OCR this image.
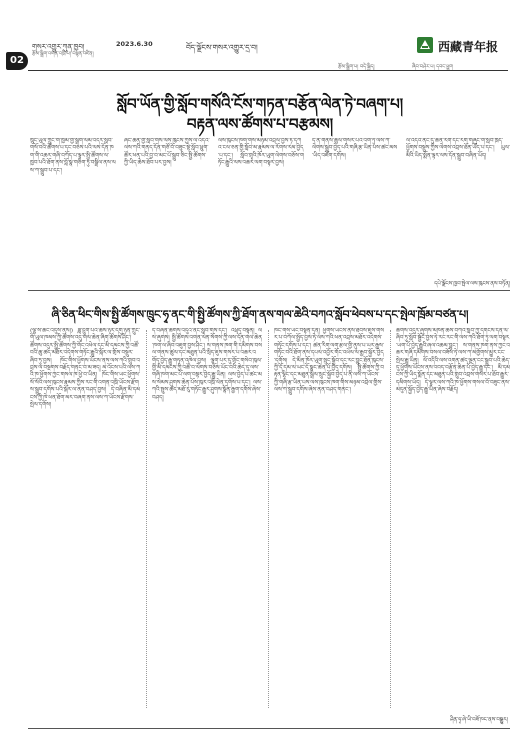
02
གསར་འགྱུར་ཀུན་ཁྱབ།	2023.6.30	བོད་ལྗོངས་གསར་འགྱུར་དྲ་བ།
རྩོམ་སྒྲིག་འགན་འཁྲི་པ། བསྟན་འཛིན།
རྩོམ་སྒྲིག་པ། བདེ་སྐྱིད།	ཞིབ་བཤེར་པ། དབང་ཕྱུག
西藏青年报
སློབ་ཡོན་གྱི་སློབ་གསོའི་ངོས་གཏན་བརྩོན་ལེན་ཏེ་བཞག་པ།
བརྟན་ལས་ཚོགས་པ་བརྩམས།
ཁྲུང་ཡུལ་ཀྲུང་གོ་ཁྱིམ་གྱི་སྒྲིག་ལམ་འདིར་སློབ་གསོ་བའི་ཚོགས་པ་དང་བཅས་པའི་ལས་དོན་ཁག་གི་འཆར་གཞི་བཀོད་པ་ལྟར་སྤྱི་ཚོགས་ལ་ཁྱབ་པའི་ཐོག་ནས་བློ་སྣ་གཅིག་ཏུ་བསྒྲིལ་ནས་ལས་ཀ་སྒྲུབ་པ་དང་།
ཞིང་ཆེན་གྱི་སློབ་གསོ་ལས་ཁུངས་ཀྱིས་ལོ་འདིའི་ལས་ཀའི་གནད་དོན་གཙོ་བོ་བཟུང་སྟེ་སློབ་ཕྲུག་ཚོར་ཕན་པའི་བྱ་བ་མང་པོ་སྒྲུབ་ཅིང་སྤྱི་ཚོགས་ཀྱི་ཡིད་ཆེས་ཐོབ་པར་བྱས།
ལས་ཁུངས་ཁག་གིས་མཉམ་འབྲེལ་བྱས་ཏེ་དཀའ་ངལ་ཅན་གྱི་སློབ་མ་རྣམས་ལ་རོགས་རམ་བྱེད་པ་དང་། སློབ་གྲྭའི་ཁོར་ཡུག་ལེགས་བཅོས་གཏོང་རྒྱུའི་ལས་འཆར་ལག་བསྟར་བྱས།
དེ་ནི་གནས་ཚུལ་གསར་པའི་འོག་ཏུ་ལས་ཀ་ལེགས་སྒྲུབ་བྱེད་པའི་གཞི་རྩ་ཡིན་པས་ཚང་མས་ཡིད་འཇོག་དགོས།
ལོ་འདིའི་ནང་དུ་ཚན་རིག་དང་རིག་གཞུང་གི་སློབ་ཁྲིད་ཕྱོགས་བསྡུས་ཀྱིས་ལེགས་འབྲས་ཐོན་ཡོད་པ་དང་། ཡུལ་མིའི་ཡིད་སྨོན་ལྟར་ལས་དོན་སྒྲུབ་བཞིན་ཡོད།
དཔེ་ལྗོངས་ཁྱབ་སྤེལ་ལས་ཁུངས་ནས་བཏོན།
ཞི་ཅིན་ཕིང་གིས་སྤྱི་ཚོགས་ཁྲུང་ཧྭ་ནང་གི་སྤྱི་ཚོགས་ཀྱི་ཐོག་ནས་གལ་ཆེའི་བཀའ་སློབ་ཕེབས་པ་དང་སྤེལ་ཁྲོམ་བཙན་པ།
(ལྷ་ས་ཚོང་འདུས་ནས།) ཟླ་དྲུག་པའི་ཚེས་ཉེར་དགུ་ཉིན་ཀྲུང་གོ་ཡུལ་ཁམས་ཀྱི་ཚོགས་འདུ་གལ་ཆེན་ཞིག་ཚོགས་ཤིང་། ཚོགས་འདུར་སྤྱི་ཚོགས་ཀྱི་གོང་འཕེལ་དང་མི་དམངས་ཀྱི་འཚོ་བའི་ཆུ་ཚད་མཐོར་འདེགས་གཏོང་རྒྱུའི་སྐོར་ལ་གྲོས་བསྡུར་ཞིབ་ཏུ་བྱས། ཁོང་གིས་ཕྱོགས་ཡོངས་ནས་ལས་ཀའི་གྲུབ་འབྲས་ལ་བསྔགས་བརྗོད་གནང་བ་མ་ཟད། མ་འོངས་པའི་ལས་ཀའི་ཁ་ཕྱོགས་ཀྱང་གསལ་ཁ་ཕྱེ་བ་ཡིན། ཁོང་གིས་ཡང་ཕྱོགས་སོ་སོའི་ལས་ཁུངས་རྣམས་ཀྱིས་རང་གི་འགན་འཁྲི་ཡོངས་རྫོགས་སྒྲུབ་དགོས་པའི་སྐོར་ལ་ནན་བཤད་བྱས། དེ་བཞིན་མི་དམངས་ཀྱི་ཁེ་ཕན་ཐོག་མར་བཞག་ནས་ལས་ཀ་ཡོངས་རྫོགས་སྤེལ་དགོས།
དེ་བཞིན་ཚོགས་འདུའི་ནང་སློབ་གསོ་དང་། འཕྲོད་བསྟེན། ལས་ཞུགས། སྤྱི་ཚོགས་འགན་ལེན་སོགས་ཀྱི་ལས་དོན་གལ་ཆེན་ཁག་ལ་ཞིབ་འཇུག་བྱས་ཤིང་། ས་གནས་ཁག་གི་དམིགས་བསལ་གནས་ཚུལ་དང་མཐུན་པའི་སྲིད་ཇུས་གསར་པ་འཆར་འགོད་བྱེད་རྒྱུ་གཏན་འཁེལ་བྱས། ལྷག་པར་དུ་གྲོང་གསེབ་ཁུལ་གྱི་མི་དམངས་ཀྱི་འཚོ་བ་ལེགས་བཅོས་ཡོང་བའི་ཆེད་དུ་ལས་གཞི་ཁག་མང་པོ་ལག་བསྟར་བྱེད་རྒྱུ་ཡིན། ལས་བྱེད་པ་ཚང་མས་སེམས་ཤུགས་ཆེན་པོས་ཁུར་འཁྲི་ལེན་དགོས་པ་དང་། ལས་ཀའི་སྤུས་ཚད་མཐོ་རུ་གཏོང་རྒྱུར་ཤུགས་སྣོན་རྒྱག་དགོས་ཞེས་བཤད།
ཁོང་གིས་ཡང་བསྟན་དོན། ཕྱོགས་ཡོངས་ནས་ཐབས་ཇུས་གསར་པ་བཀོལ་སྤྱོད་བྱས་ཏེ་ལས་ཀའི་ཕན་འབྲས་མཐོར་འདེགས་གཏོང་དགོས་པ་དང་། ཚན་རིག་ལག་རྩལ་གྱི་ནུས་པ་ཡར་རྒྱས་གཏོང་བའི་ཐོག་ནས་དཔལ་འབྱོར་གོང་འཕེལ་ལ་རྒྱབ་སྐྱོར་བྱེད་དགོས། དེ་མིན་ཁོར་ཡུག་སྲུང་སྐྱོབ་དང་རང་བྱུང་ཐོན་ཁུངས་ཀྱི་དོ་དམ་ལ་ཡང་དོ་སྣང་ཆེན་པོ་བྱེད་དགོས། སྤྱི་ཚོགས་ཀྱི་བརྟན་ལྷིང་དང་མཐུན་སྒྲིལ་སྲུང་སྐྱོབ་བྱེད་པ་ནི་ལས་ཀ་ཡོངས་ཀྱི་གཞི་རྩ་ཡིན་པས་ལས་ཁུངས་ཁག་གིས་མཉམ་འབྲེལ་གྱིས་ལས་ཀ་སྒྲུབ་དགོས་ཞེས་ནན་བཤད་གནང་།
ཚོགས་འདུར་ཞུགས་མཁན་ཚོས་བཀའ་སློབ་ཀྱི་དགོངས་དོན་ལ་ཞིབ་ཏུ་སློབ་སྦྱོང་བྱས་ཏེ་རང་རང་གི་ལས་ཀའི་ཐོག་ཏུ་ལག་བསྟར་ཡག་པོ་བྱེད་རྒྱུའི་ཞལ་འཆམ་བྱུང་། ས་གནས་ཁག་ནས་ཀྱང་འཆར་གཞི་དམིགས་བསལ་བཟོས་ཏེ་ལས་ཀ་མགྱོགས་མྱུར་ངང་སྤེལ་རྒྱུ་ཡིན། ལོ་འདིའི་ལས་འགན་ཚད་ལྡན་ངང་སྒྲུབ་པའི་ཆེད་དུ་ཕྱོགས་ཡོངས་ནས་འབད་བརྩོན་ཆེན་པོ་བྱེད་རྒྱུ་དང་། མི་དམངས་ཀྱི་ཡིད་སྨོན་དང་མཐུན་པའི་གྲུབ་འབྲས་གསར་པ་ཐོབ་རྒྱུར་དམིགས་ཡོད། དེ་ལྟར་ལས་ཀའི་ཁ་ཕྱོགས་གསལ་བོ་བཟུང་ནས་མདུན་སྐྱོད་བྱེད་རྒྱུ་ཡིན་ཞེས་བརྗོད།
ཤིན་ཧྭ་ཞེ་ཡི་བཟོ་ཁང་ནས་བསྒྱུར།
